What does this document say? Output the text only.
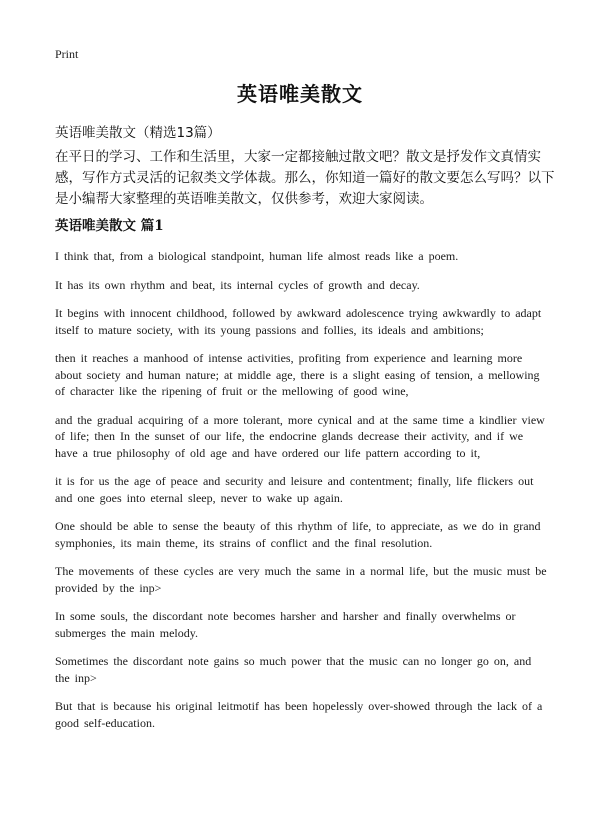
Print
英语唯美散文
英语唯美散文（精选13篇）
在平日的学习、工作和生活里，大家一定都接触过散文吧？散文是抒发作文真情实感，写作方式灵活的记叙类文学体裁。那么，你知道一篇好的散文要怎么写吗？以下是小编帮大家整理的英语唯美散文，仅供参考，欢迎大家阅读。
英语唯美散文 篇1

I think that, from a biological standpoint, human life almost reads like a poem.

It has its own rhythm and beat, its internal cycles of growth and decay.

It begins with innocent childhood, followed by awkward adolescence trying awkwardly to adapt itself to mature society, with its young passions and follies, its ideals and ambitions;

then it reaches a manhood of intense activities, profiting from experience and learning more about society and human nature; at middle age, there is a slight easing of tension, a mellowing of character like the ripening of fruit or the mellowing of good wine,

and the gradual acquiring of a more tolerant, more cynical and at the same time a kindlier view of life; then In the sunset of our life, the endocrine glands decrease their activity, and if we have a true philosophy of old age and have ordered our life pattern according to it,

it is for us the age of peace and security and leisure and contentment; finally, life flickers out and one goes into eternal sleep, never to wake up again.

One should be able to sense the beauty of this rhythm of life, to appreciate, as we do in grand symphonies, its main theme, its strains of conflict and the final resolution.

The movements of these cycles are very much the same in a normal life, but the music must be provided by the inp>

In some souls, the discordant note becomes harsher and harsher and finally overwhelms or submerges the main melody.

Sometimes the discordant note gains so much power that the music can no longer go on, and the inp>

But that is because his original leitmotif has been hopelessly over-showed through the lack of a good self-education.
